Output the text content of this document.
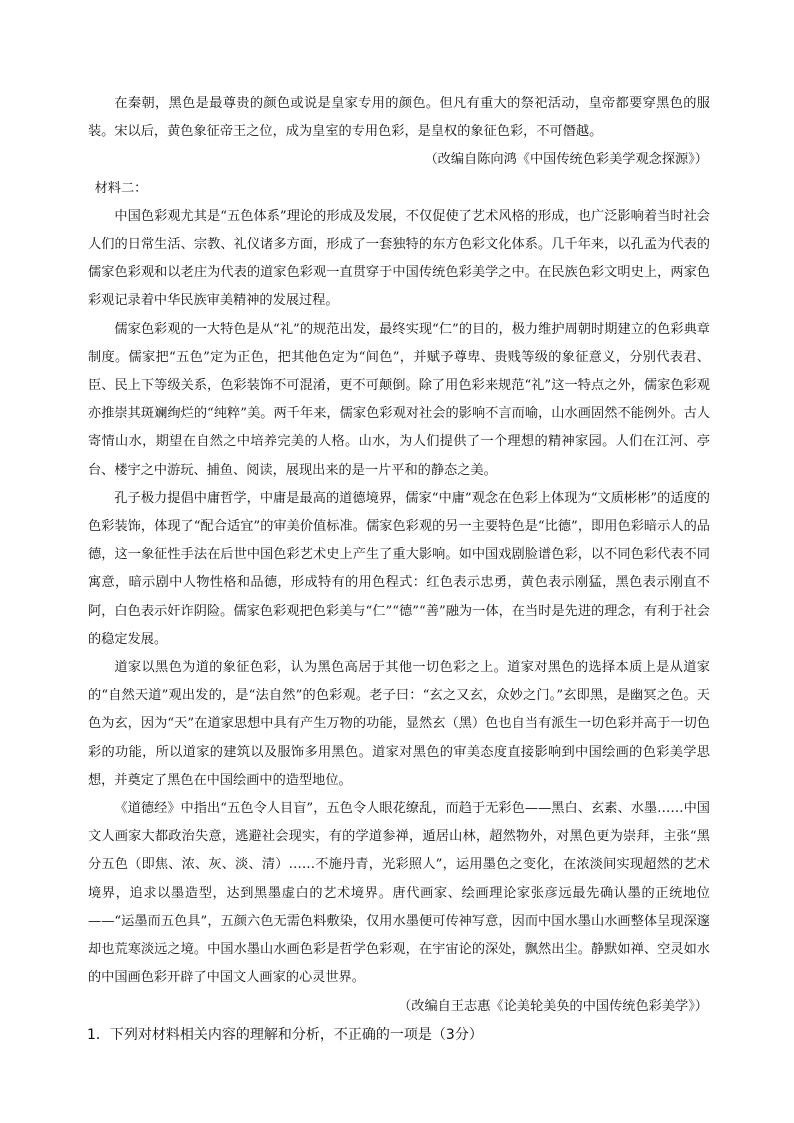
在秦朝，黑色是最尊贵的颜色或说是皇家专用的颜色。但凡有重大的祭祀活动，皇帝都要穿黑色的服装。宋以后，黄色象征帝王之位，成为皇室的专用色彩，是皇权的象征色彩，不可僭越。

（改编自陈向鸿《中国传统色彩美学观念探源》）

材料二：

中国色彩观尤其是“五色体系”理论的形成及发展，不仅促使了艺术风格的形成，也广泛影响着当时社会人们的日常生活、宗教、礼仪诸多方面，形成了一套独特的东方色彩文化体系。几千年来，以孔孟为代表的儒家色彩观和以老庄为代表的道家色彩观一直贯穿于中国传统色彩美学之中。在民族色彩文明史上，两家色彩观记录着中华民族审美精神的发展过程。

儒家色彩观的一大特色是从“礼”的规范出发，最终实现“仁”的目的，极力维护周朝时期建立的色彩典章制度。儒家把“五色”定为正色，把其他色定为“间色”，并赋予尊卑、贵贱等级的象征意义，分别代表君、臣、民上下等级关系，色彩装饰不可混淆，更不可颠倒。除了用色彩来规范“礼”这一特点之外，儒家色彩观亦推崇其斑斓绚烂的“纯粹”美。两千年来，儒家色彩观对社会的影响不言而喻，山水画固然不能例外。古人寄情山水，期望在自然之中培养完美的人格。山水，为人们提供了一个理想的精神家园。人们在江河、亭台、楼宇之中游玩、捕鱼、阅读，展现出来的是一片平和的静态之美。

孔子极力提倡中庸哲学，中庸是最高的道德境界，儒家“中庸”观念在色彩上体现为“文质彬彬”的适度的色彩装饰，体现了“配合适宜”的审美价值标准。儒家色彩观的另一主要特色是“比德”，即用色彩暗示人的品德，这一象征性手法在后世中国色彩艺术史上产生了重大影响。如中国戏剧脸谱色彩，以不同色彩代表不同寓意，暗示剧中人物性格和品德，形成特有的用色程式：红色表示忠勇，黄色表示刚猛，黑色表示刚直不阿，白色表示奸诈阴险。儒家色彩观把色彩美与“仁”“德”“善”融为一体，在当时是先进的理念，有利于社会的稳定发展。

道家以黑色为道的象征色彩，认为黑色高居于其他一切色彩之上。道家对黑色的选择本质上是从道家的“自然天道”观出发的，是“法自然”的色彩观。老子曰：“玄之又玄，众妙之门。”玄即黑，是幽冥之色。天色为玄，因为“天”在道家思想中具有产生万物的功能，显然玄（黑）色也自当有派生一切色彩并高于一切色彩的功能，所以道家的建筑以及服饰多用黑色。道家对黑色的审美态度直接影响到中国绘画的色彩美学思想，并奠定了黑色在中国绘画中的造型地位。

《道德经》中指出“五色令人目盲”，五色令人眼花缭乱，而趋于无彩色——黑白、玄素、水墨……中国文人画家大都政治失意，逃避社会现实，有的学道参禅，遁居山林，超然物外，对黑色更为崇拜，主张“黑分五色（即焦、浓、灰、淡、清）……不施丹青，光彩照人”，运用墨色之变化，在浓淡间实现超然的艺术境界，追求以墨造型，达到黑墨虚白的艺术境界。唐代画家、绘画理论家张彦远最先确认墨的正统地位——“运墨而五色具”，五颜六色无需色料敷染，仅用水墨便可传神写意，因而中国水墨山水画整体呈现深邃却也荒寒淡远之境。中国水墨山水画色彩是哲学色彩观，在宇宙论的深处，飘然出尘。静默如禅、空灵如水的中国画色彩开辟了中国文人画家的心灵世界。

（改编自王志惠《论美轮美奂的中国传统色彩美学》）

1．下列对材料相关内容的理解和分析，不正确的一项是（3分）
